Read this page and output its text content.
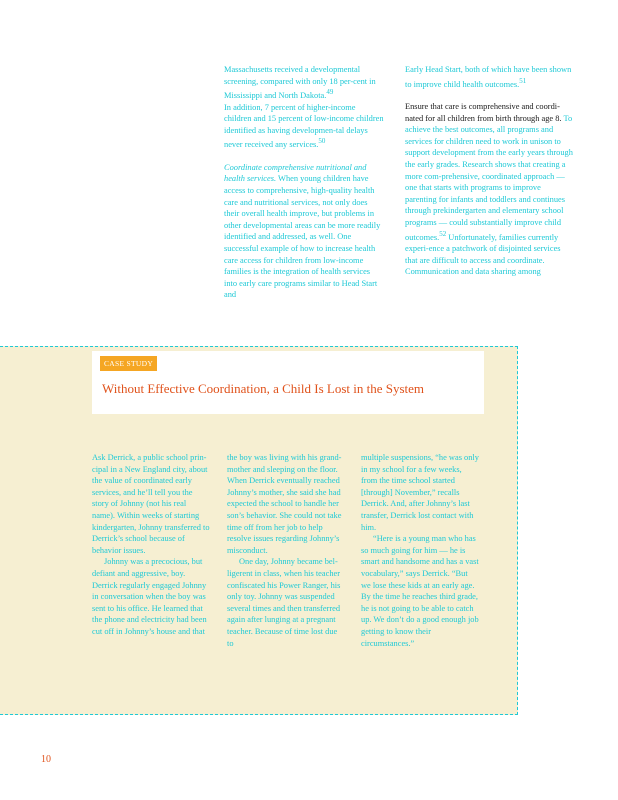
Massachusetts received a developmental screening, compared with only 18 per-cent in Mississippi and North Dakota.$^{49}$

In addition, 7 percent of higher-income children and 15 percent of low-income children identified as having developmen-tal delays never received any services.$^{50}$

Coordinate comprehensive nutritional and health services. When young children have access to comprehensive, high-quality health care and nutritional services, not only does their overall health improve, but problems in other developmental areas can be more readily identified and addressed, as well. One successful example of how to increase health care access for children from low-income families is the integration of health services into early care programs similar to Head Start and

Early Head Start, both of which have been shown to improve child health outcomes.$^{51}$

Ensure that care is comprehensive and coordi-nated for all children from birth through age 8. To achieve the best outcomes, all programs and services for children need to work in unison to support development from the early years through the early grades. Research shows that creating a more com-prehensive, coordinated approach — one that starts with programs to improve parenting for infants and toddlers and continues through prekindergarten and elementary school programs — could substantially improve child outcomes.$^{52}$ Unfortunately, families currently experi-ence a patchwork of disjointed services that are difficult to access and coordinate. Communication and data sharing among

CASE STUDY
Without Effective Coordination, a Child Is Lost in the System

Ask Derrick, a public school prin-cipal in a New England city, about the value of coordinated early services, and he’ll tell you the story of Johnny (not his real name). Within weeks of starting kindergarten, Johnny transferred to Derrick’s school because of behavior issues.

Johnny was a precocious, but defiant and aggressive, boy. Derrick regularly engaged Johnny in conversation when the boy was sent to his office. He learned that the phone and electricity had been cut off in Johnny’s house and that

the boy was living with his grand-mother and sleeping on the floor. When Derrick eventually reached Johnny’s mother, she said she had expected the school to handle her son’s behavior. She could not take time off from her job to help resolve issues regarding Johnny’s misconduct.

One day, Johnny became bel-ligerent in class, when his teacher confiscated his Power Ranger, his only toy. Johnny was suspended several times and then transferred again after lunging at a pregnant teacher. Because of time lost due to

multiple suspensions, “he was only in my school for a few weeks, from the time school started [through] November,” recalls Derrick. And, after Johnny’s last transfer, Derrick lost contact with him.

“Here is a young man who has so much going for him — he is smart and handsome and has a vast vocabulary,” says Derrick. “But we lose these kids at an early age. By the time he reaches third grade, he is not going to be able to catch up. We don’t do a good enough job getting to know their circumstances.”

10
